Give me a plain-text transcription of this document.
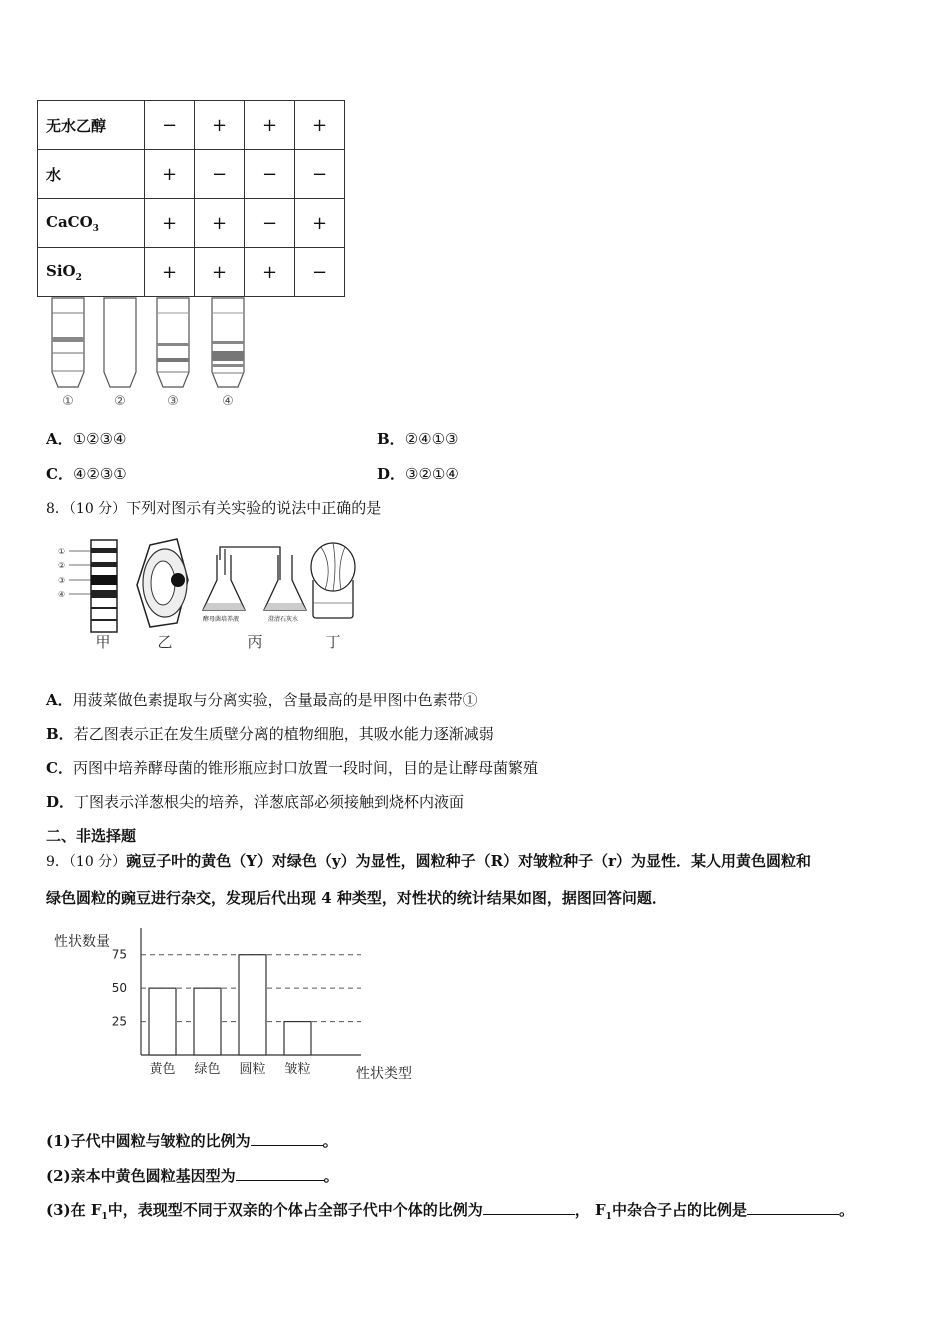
无水乙醇	−	+	+	+
水	+	−	−	−
CaCO$_3$	+	+	−	+
SiO$_2$	+	+	+	−
①	②	③	④
A．①②③④	B．②④①③
C．④②③①	D．③②①④
8．（10 分）下列对图示有关实验的说法中正确的是
①
②
③
④
酵母菌培养液	澄清石灰水
甲	乙	丙	丁
A．用菠菜做色素提取与分离实验，含量最高的是甲图中色素带①
B．若乙图表示正在发生质壁分离的植物细胞，其吸水能力逐渐减弱
C．丙图中培养酵母菌的锥形瓶应封口放置一段时间，目的是让酵母菌繁殖
D．丁图表示洋葱根尖的培养，洋葱底部必须接触到烧杯内液面
二、非选择题
9．（10 分）豌豆子叶的黄色（Y）对绿色（y）为显性，圆粒种子（R）对皱粒种子（r）为显性．某人用黄色圆粒和
绿色圆粒的豌豆进行杂交，发现后代出现 4 种类型，对性状的统计结果如图，据图回答问题．
性状数量
性状类型
25
50
75
黄色 绿色 圆粒 皱粒
(1)子代中圆粒与皱粒的比例为	。
(2)亲本中黄色圆粒基因型为	。
(3)在 $F_1$中，表现型不同于双亲的个体占全部子代中个体的比例为	， $F_1$中杂合子占的比例是	。
